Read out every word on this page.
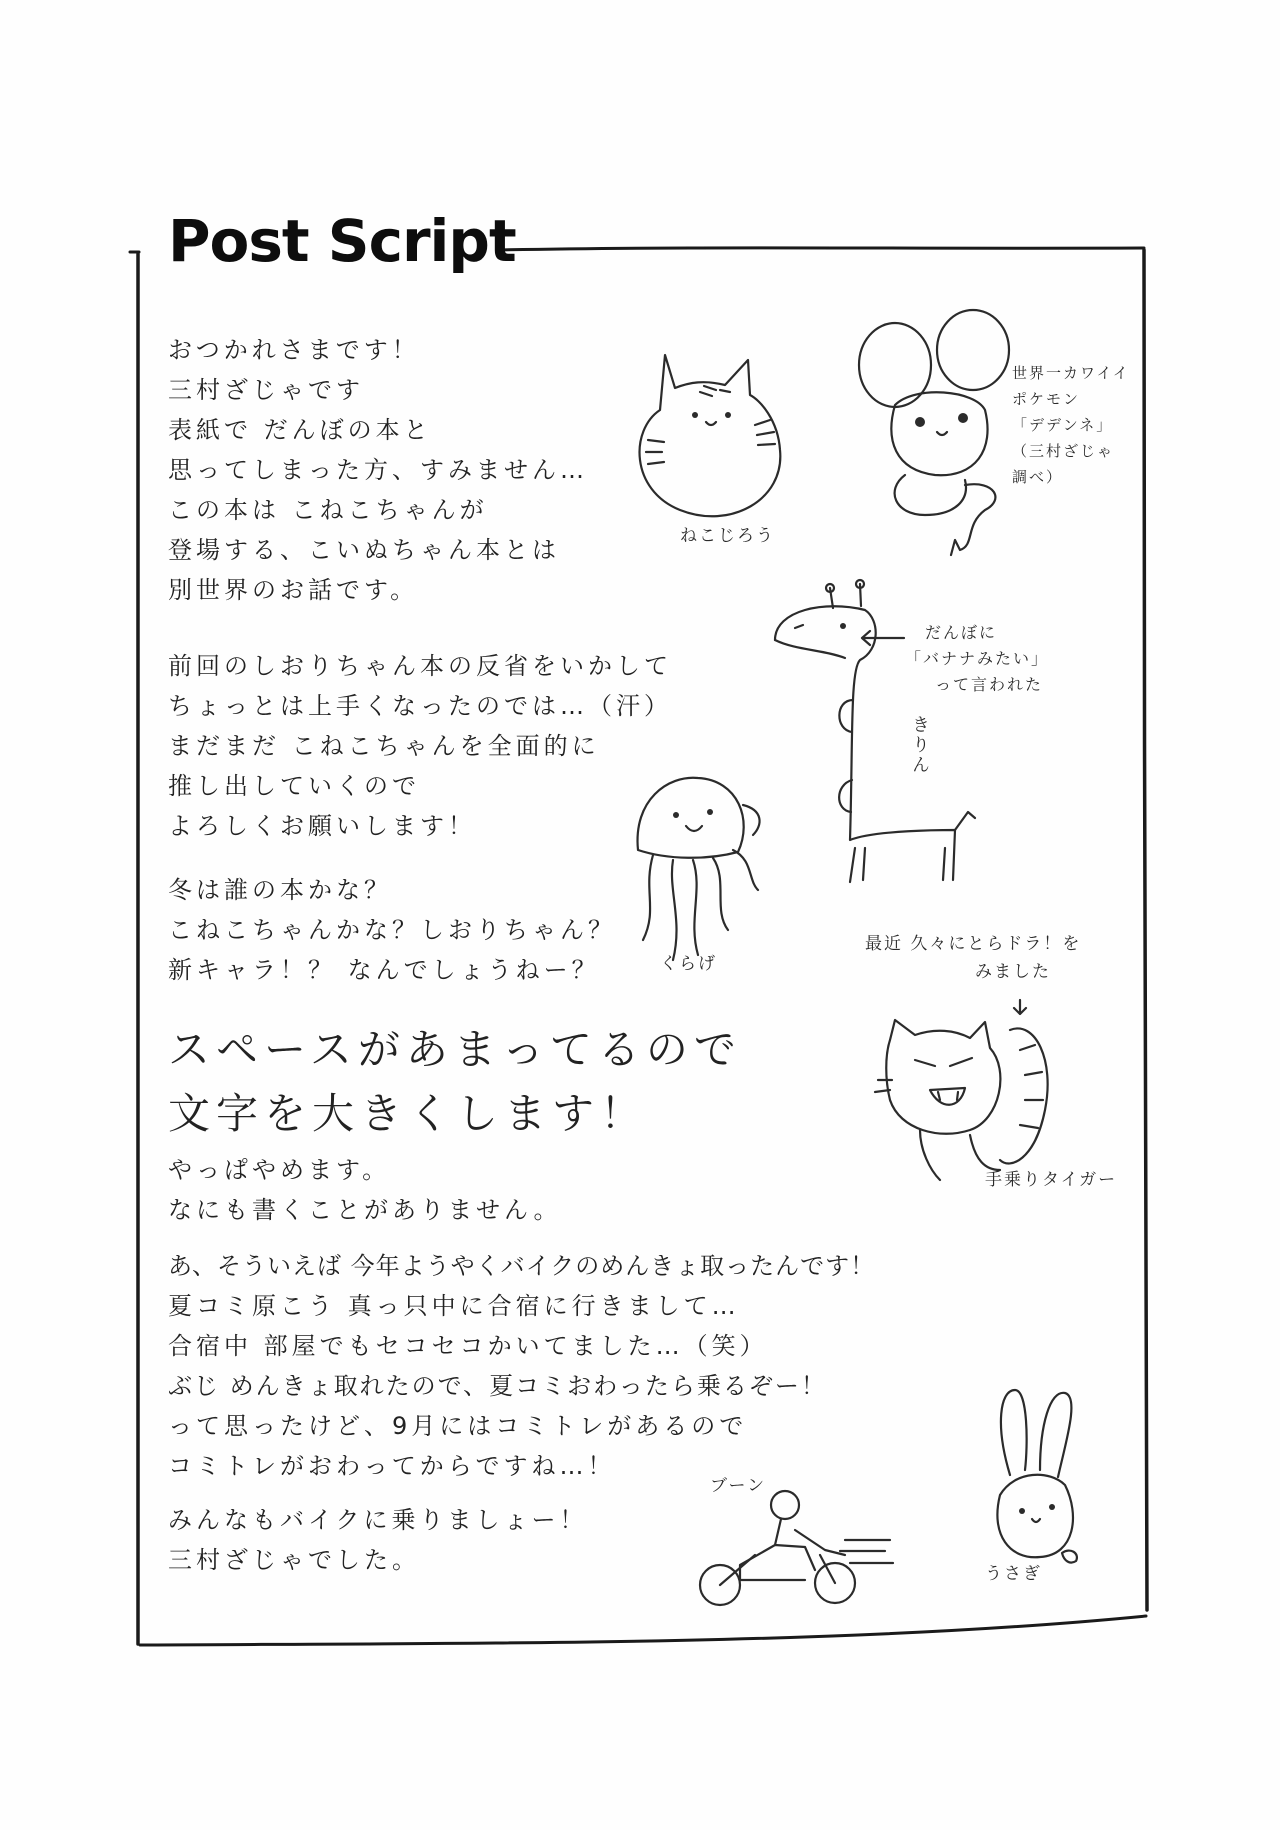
Post Script
おつかれさまです！
三村ざじゃです
表紙で だんぼの本と
思ってしまった方、すみません…
この本は こねこちゃんが
登場する、こいぬちゃん本とは
別世界のお話です。
前回のしおりちゃん本の反省をいかして
ちょっとは上手くなったのでは…（汗）
まだまだ こねこちゃんを全面的に
推し出していくので
よろしくお願いします！
冬は誰の本かな？
こねこちゃんかな？しおりちゃん？
新キャラ！？ なんでしょうねー？
スペースがあまってるので
文字を大きくします！
やっぱやめます。
なにも書くことがありません。
あ、そういえば 今年ようやくバイクのめんきょ取ったんです！
夏コミ原こう 真っ只中に合宿に行きまして…
合宿中 部屋でもセコセコかいてました…（笑）
ぶじ めんきょ取れたので、夏コミおわったら乗るぞー！
って思ったけど、9月にはコミトレがあるので
コミトレがおわってからですね…！
みんなもバイクに乗りましょー！
三村ざじゃでした。
ねこじろう
世界一カワイイ
ポケモン
「デデンネ」
（三村ざじゃ
調べ）
だんぼに
「バナナみたい」
って言われた
きりん
くらげ
最近 久々にとらドラ！を
みました
手乗りタイガー
うさぎ
ブーン
